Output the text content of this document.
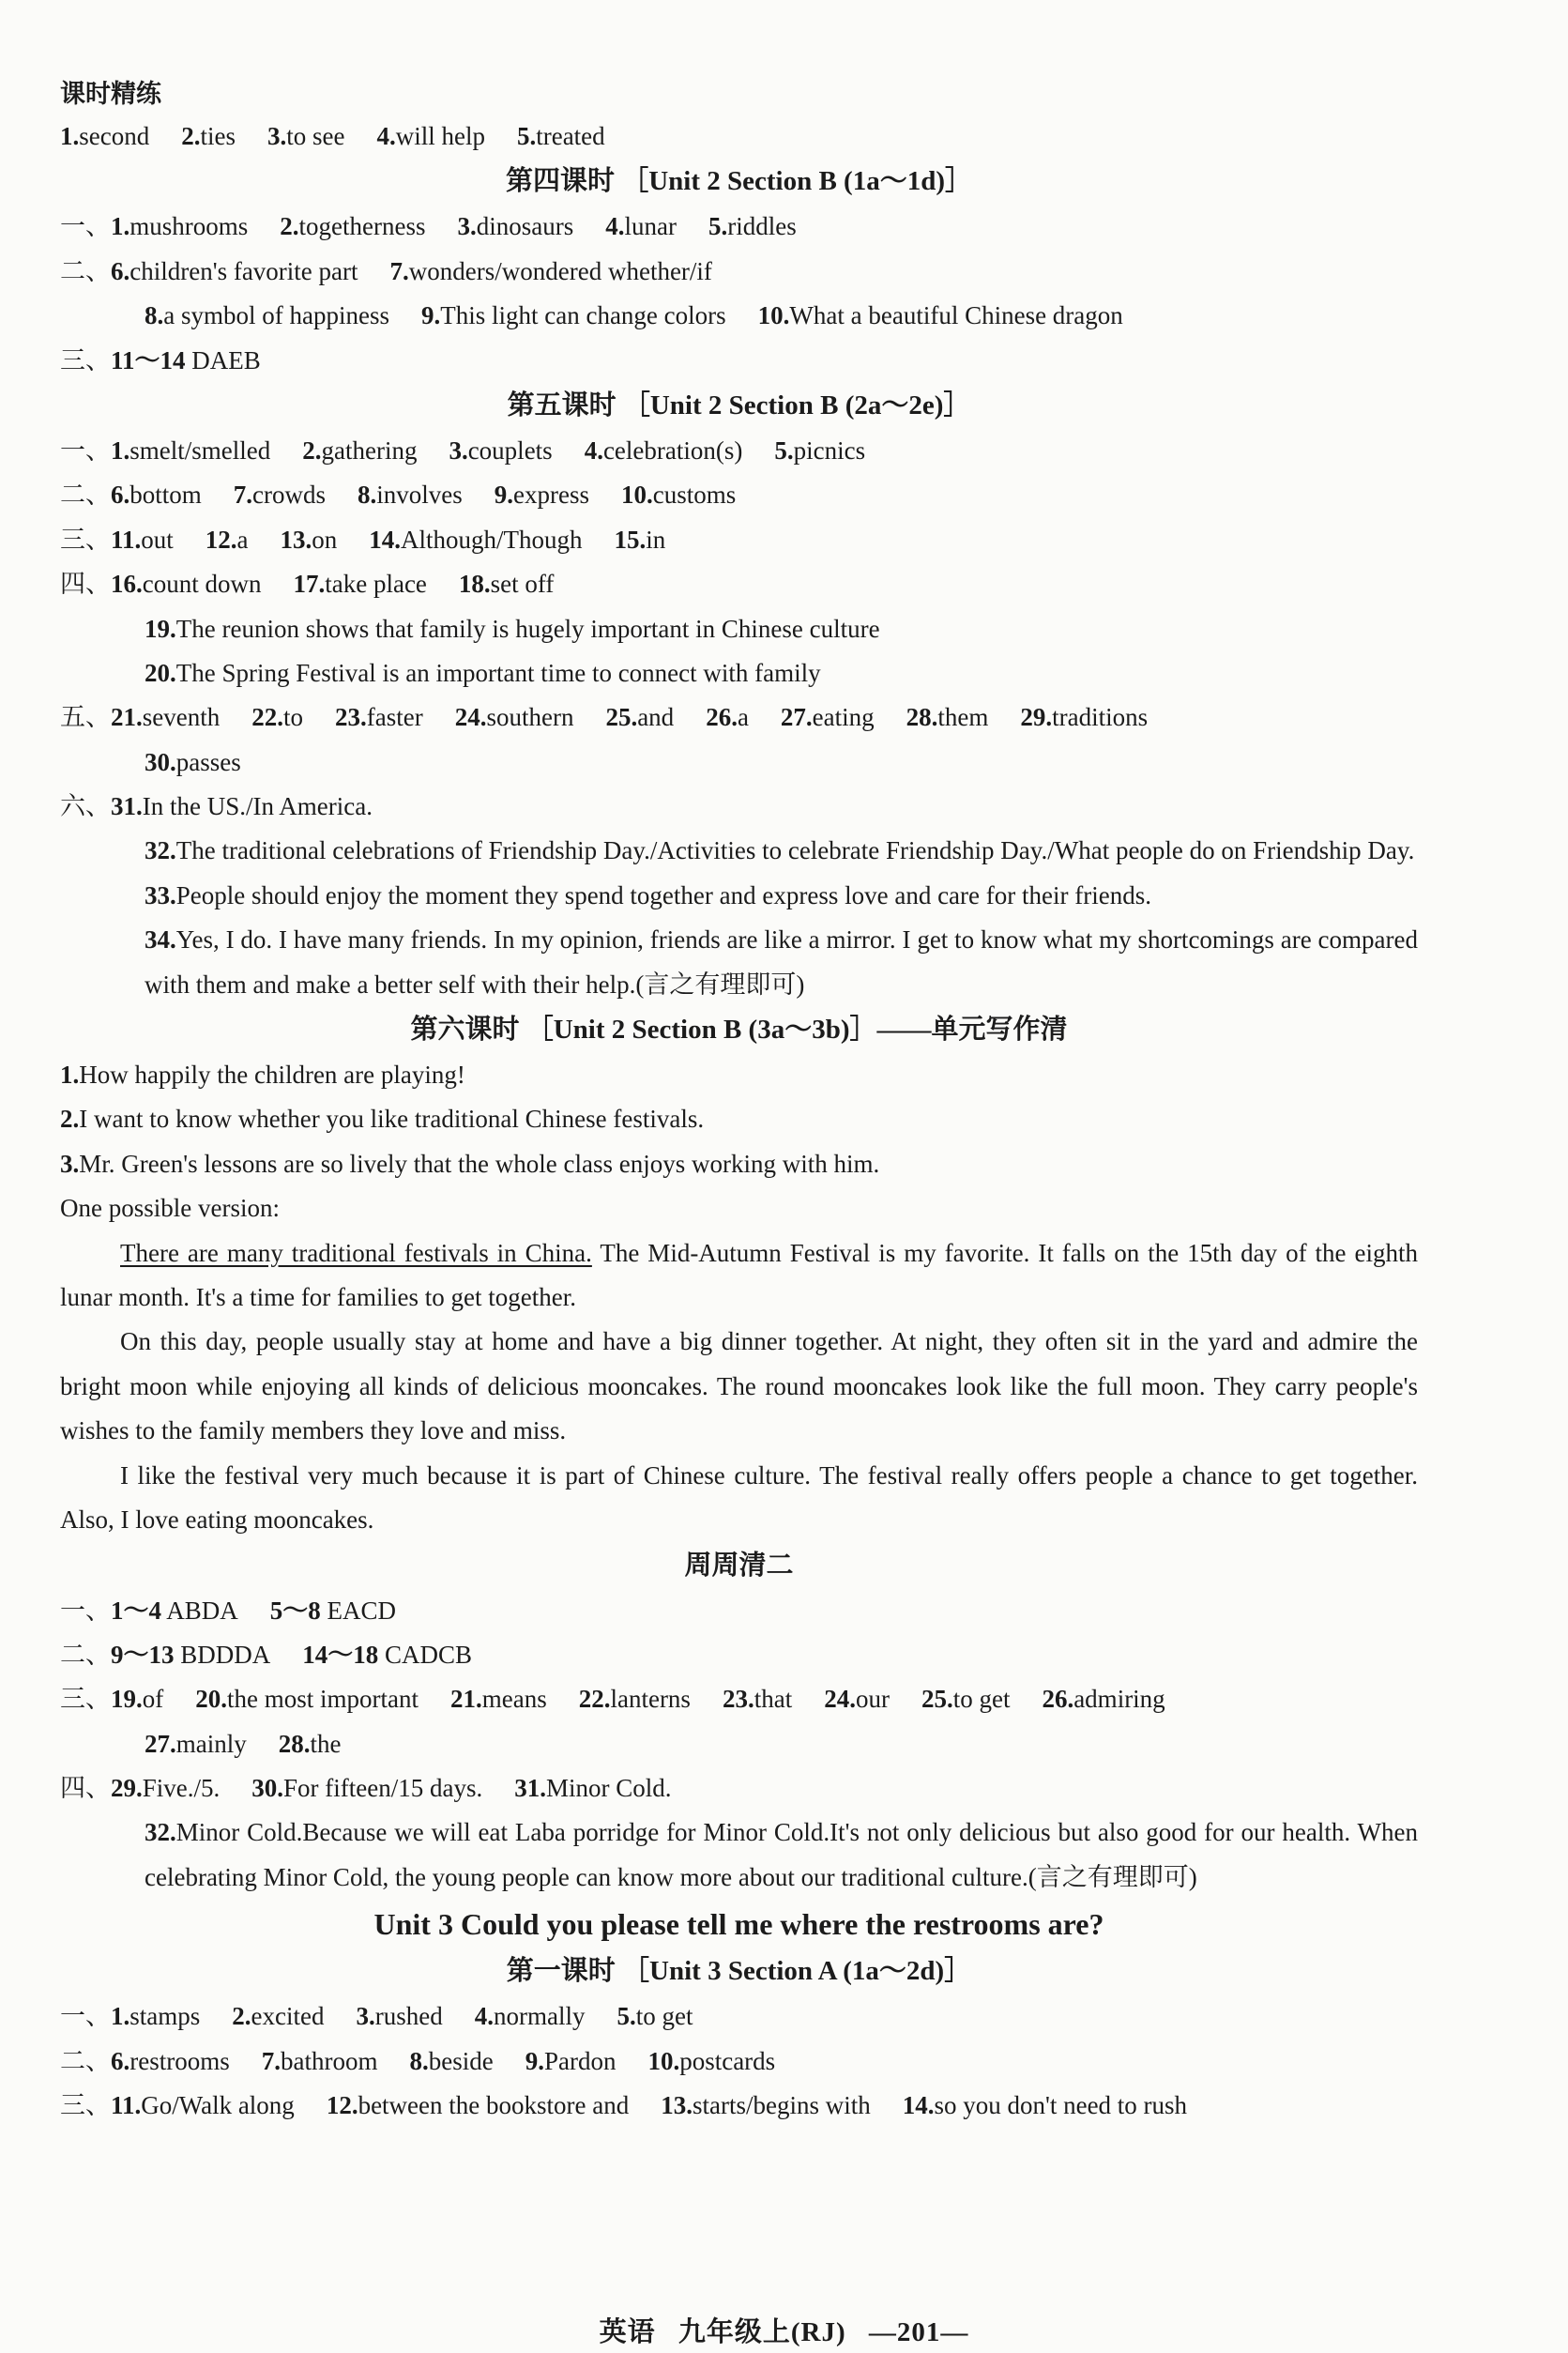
课时精练
1.second 2.ties 3.to see 4.will help 5.treated
第四课时 ［Unit 2 Section B (1a～1d)］
一、1.mushrooms 2.togetherness 3.dinosaurs 4.lunar 5.riddles
二、6.children's favorite part 7.wonders/wondered whether/if
8.a symbol of happiness 9.This light can change colors 10.What a beautiful Chinese dragon
三、11～14 DAEB
第五课时 ［Unit 2 Section B (2a～2e)］
一、1.smelt/smelled 2.gathering 3.couplets 4.celebration(s) 5.picnics
二、6.bottom 7.crowds 8.involves 9.express 10.customs
三、11.out 12.a 13.on 14.Although/Though 15.in
四、16.count down 17.take place 18.set off
19.The reunion shows that family is hugely important in Chinese culture
20.The Spring Festival is an important time to connect with family
五、21.seventh 22.to 23.faster 24.southern 25.and 26.a 27.eating 28.them 29.traditions
30.passes
六、31.In the US./In America.
32.The traditional celebrations of Friendship Day./Activities to celebrate Friendship Day./What people do on Friendship Day.
33.People should enjoy the moment they spend together and express love and care for their friends.
34.Yes, I do. I have many friends. In my opinion, friends are like a mirror. I get to know what my shortcomings are compared with them and make a better self with their help.(言之有理即可)
第六课时 ［Unit 2 Section B (3a～3b)］——单元写作清
1.How happily the children are playing!
2.I want to know whether you like traditional Chinese festivals.
3.Mr. Green's lessons are so lively that the whole class enjoys working with him.
One possible version:
There are many traditional festivals in China. The Mid-Autumn Festival is my favorite. It falls on the 15th day of the eighth lunar month. It's a time for families to get together.
On this day, people usually stay at home and have a big dinner together. At night, they often sit in the yard and admire the bright moon while enjoying all kinds of delicious mooncakes. The round mooncakes look like the full moon. They carry people's wishes to the family members they love and miss.
I like the festival very much because it is part of Chinese culture. The festival really offers people a chance to get together. Also, I love eating mooncakes.
周周清二
一、1～4 ABDA 5～8 EACD
二、9～13 BDDDA 14～18 CADCB
三、19.of 20.the most important 21.means 22.lanterns 23.that 24.our 25.to get 26.admiring
27.mainly 28.the
四、29.Five./5. 30.For fifteen/15 days. 31.Minor Cold.
32.Minor Cold.Because we will eat Laba porridge for Minor Cold.It's not only delicious but also good for our health. When celebrating Minor Cold, the young people can know more about our traditional culture.(言之有理即可)
Unit 3 Could you please tell me where the restrooms are?
第一课时 ［Unit 3 Section A (1a～2d)］
一、1.stamps 2.excited 3.rushed 4.normally 5.to get
二、6.restrooms 7.bathroom 8.beside 9.Pardon 10.postcards
三、11.Go/Walk along 12.between the bookstore and 13.starts/begins with 14.so you don't need to rush
英语 九年级上(RJ) —201—
